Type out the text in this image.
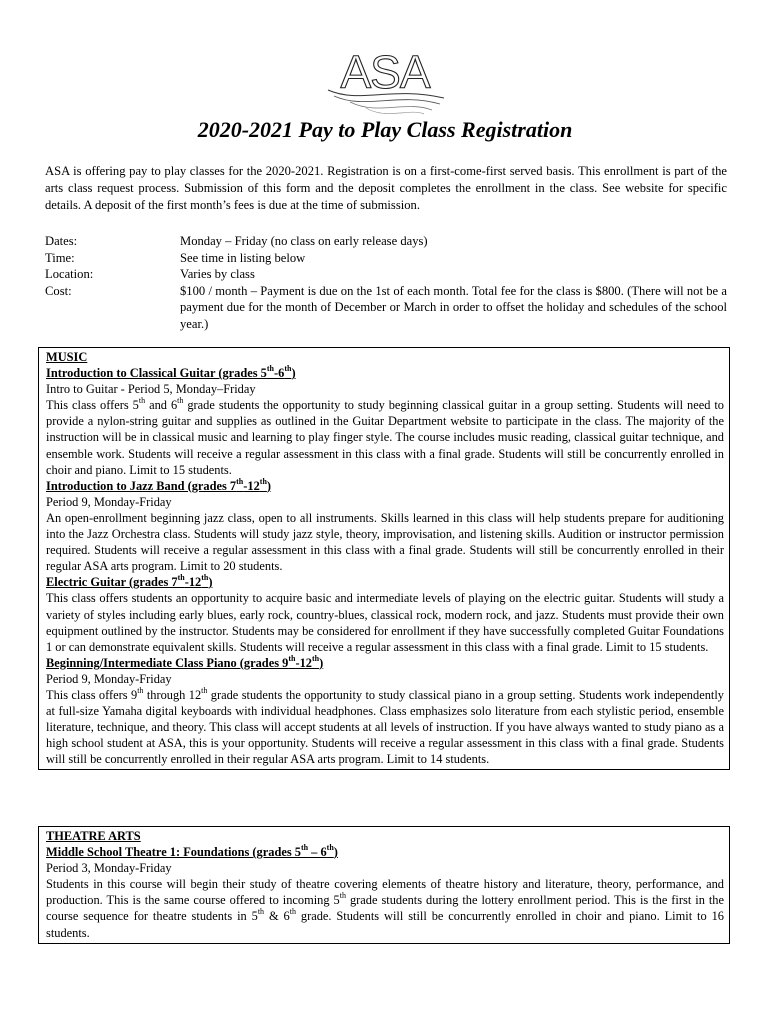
ASA
2020-2021 Pay to Play Class Registration

ASA is offering pay to play classes for the 2020-2021. Registration is on a first-come-first served basis. This enrollment is part of the arts class request process. Submission of this form and the deposit completes the enrollment in the class. See website for specific details. A deposit of the first month’s fees is due at the time of submission.

Dates:	Monday – Friday (no class on early release days)
Time:	See time in listing below
Location:	Varies by class
Cost:	$100 / month – Payment is due on the 1st of each month. Total fee for the class is $800. (There will not be a payment due for the month of December or March in order to offset the holiday and schedules of the school year.)
MUSIC
Introduction to Classical Guitar (grades 5th-6th)
Intro to Guitar - Period 5, Monday–Friday
This class offers 5th and 6th grade students the opportunity to study beginning classical guitar in a group setting. Students will need to provide a nylon-string guitar and supplies as outlined in the Guitar Department website to participate in the class. The majority of the instruction will be in classical music and learning to play finger style. The course includes music reading, classical guitar technique, and ensemble work. Students will receive a regular assessment in this class with a final grade. Students will still be concurrently enrolled in choir and piano. Limit to 15 students.
Introduction to Jazz Band (grades 7th-12th)
Period 9, Monday-Friday
An open-enrollment beginning jazz class, open to all instruments. Skills learned in this class will help students prepare for auditioning into the Jazz Orchestra class. Students will study jazz style, theory, improvisation, and listening skills. Audition or instructor permission required. Students will receive a regular assessment in this class with a final grade. Students will still be concurrently enrolled in their regular ASA arts program. Limit to 20 students.
Electric Guitar (grades 7th-12th)
This class offers students an opportunity to acquire basic and intermediate levels of playing on the electric guitar. Students will study a variety of styles including early blues, early rock, country-blues, classical rock, modern rock, and jazz. Students must provide their own equipment outlined by the instructor. Students may be considered for enrollment if they have successfully completed Guitar Foundations 1 or can demonstrate equivalent skills. Students will receive a regular assessment in this class with a final grade. Limit to 15 students.
Beginning/Intermediate Class Piano (grades 9th-12th)
Period 9, Monday-Friday
This class offers 9th through 12th grade students the opportunity to study classical piano in a group setting. Students work independently at full-size Yamaha digital keyboards with individual headphones. Class emphasizes solo literature from each stylistic period, ensemble literature, technique, and theory. This class will accept students at all levels of instruction. If you have always wanted to study piano as a high school student at ASA, this is your opportunity. Students will receive a regular assessment in this class with a final grade. Students will still be concurrently enrolled in their regular ASA arts program. Limit to 14 students.
THEATRE ARTS
Middle School Theatre 1: Foundations (grades 5th – 6th)
Period 3, Monday-Friday
Students in this course will begin their study of theatre covering elements of theatre history and literature, theory, performance, and production. This is the same course offered to incoming 5th grade students during the lottery enrollment period. This is the first in the course sequence for theatre students in 5th & 6th grade. Students will still be concurrently enrolled in choir and piano. Limit to 16 students.
